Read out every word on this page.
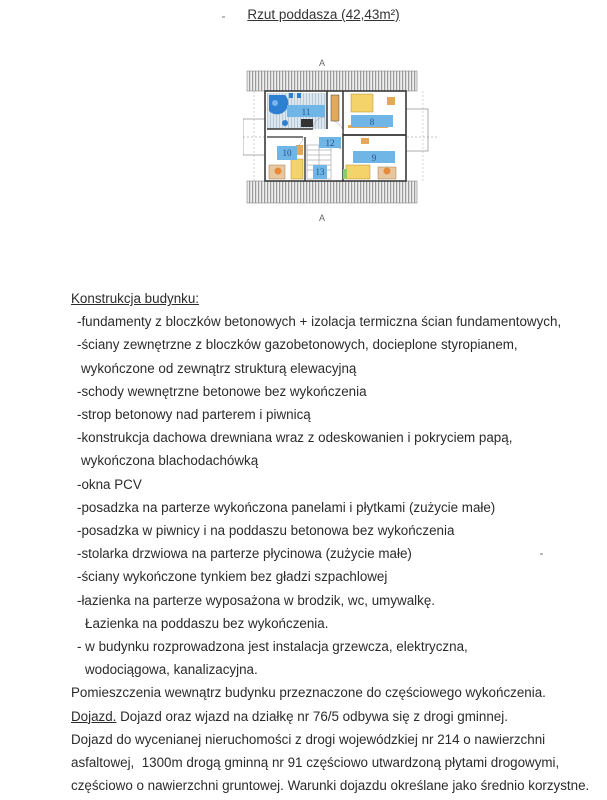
Rzut poddasza (42,43m²)
A
A
11
8
10
12
9
13
Konstrukcja budynku:
-fundamenty z bloczków betonowych + izolacja termiczna ścian fundamentowych,
-ściany zewnętrzne z bloczków gazobetonowych, docieplone styropianem,
wykończone od zewnątrz strukturą elewacyjną
-schody wewnętrzne betonowe bez wykończenia
-strop betonowy nad parterem i piwnicą
-konstrukcja dachowa drewniana wraz z odeskowanien i pokryciem papą,
wykończona blachodachówką
-okna PCV
-posadzka na parterze wykończona panelami i płytkami (zużycie małe)
-posadzka w piwnicy i na poddaszu betonowa bez wykończenia
-stolarka drzwiowa na parterze płycinowa (zużycie małe)
-ściany wykończone tynkiem bez gładzi szpachlowej
-łazienka na parterze wyposażona w brodzik, wc, umywalkę.
Łazienka na poddaszu bez wykończenia.
- w budynku rozprowadzona jest instalacja grzewcza, elektryczna,
wodociągowa, kanalizacyjna.
Pomieszczenia wewnątrz budynku przeznaczone do częściowego wykończenia.
Dojazd. Dojazd oraz wjazd na działkę nr 76/5 odbywa się z drogi gminnej.
Dojazd do wycenianej nieruchomości z drogi wojewódzkiej nr 214 o nawierzchni
asfaltowej,  1300m drogą gminną nr 91 częściowo utwardzoną płytami drogowymi,
częściowo o nawierzchni gruntowej. Warunki dojazdu określane jako średnio korzystne.
